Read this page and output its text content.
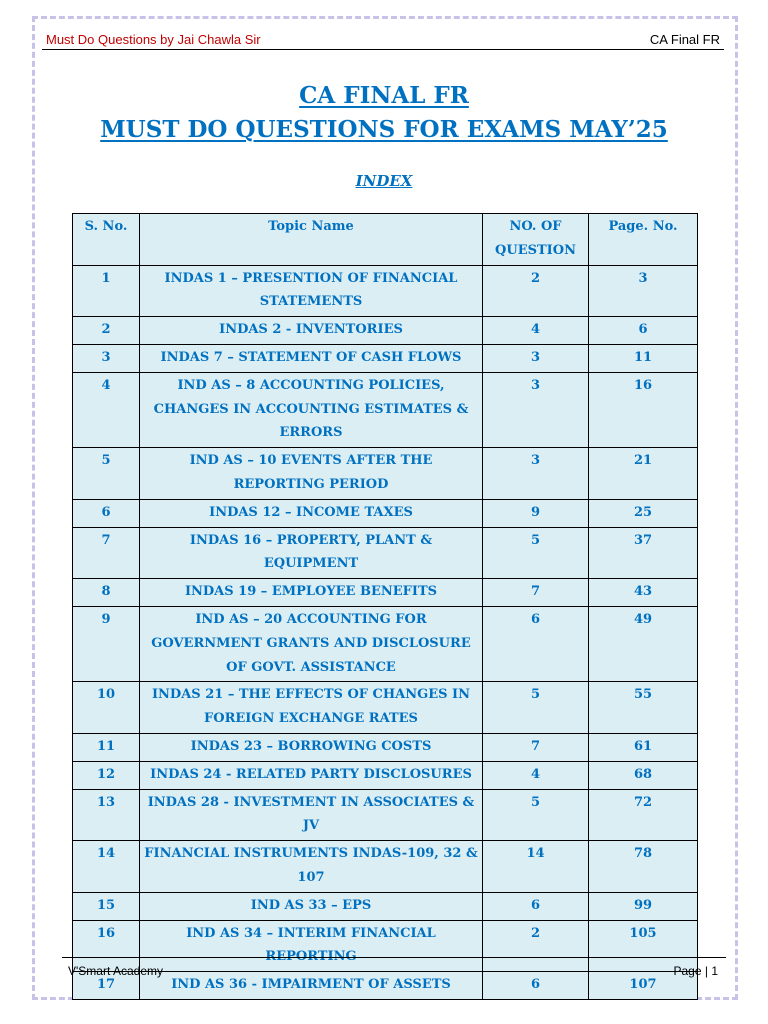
Must Do Questions by Jai Chawla Sir	CA Final FR
CA FINAL FR
MUST DO QUESTIONS FOR EXAMS MAY’25
INDEX
S. No.	Topic Name	NO. OF QUESTION	Page. No.
1	INDAS 1 – PRESENTION OF FINANCIAL STATEMENTS	2	3
2	INDAS 2 - INVENTORIES	4	6
3	INDAS 7 – STATEMENT OF CASH FLOWS	3	11
4	IND AS – 8 ACCOUNTING POLICIES, CHANGES IN ACCOUNTING ESTIMATES & ERRORS	3	16
5	IND AS – 10 EVENTS AFTER THE REPORTING PERIOD	3	21
6	INDAS 12 – INCOME TAXES	9	25
7	INDAS 16 – PROPERTY, PLANT & EQUIPMENT	5	37
8	INDAS 19 – EMPLOYEE BENEFITS	7	43
9	IND AS – 20 ACCOUNTING FOR GOVERNMENT GRANTS AND DISCLOSURE OF GOVT. ASSISTANCE	6	49
10	INDAS 21 – THE EFFECTS OF CHANGES IN FOREIGN EXCHANGE RATES	5	55
11	INDAS 23 – BORROWING COSTS	7	61
12	INDAS 24 - RELATED PARTY DISCLOSURES	4	68
13	INDAS 28 - INVESTMENT IN ASSOCIATES & JV	5	72
14	FINANCIAL INSTRUMENTS INDAS-109, 32 & 107	14	78
15	IND AS 33 – EPS	6	99
16	IND AS 34 – INTERIM FINANCIAL REPORTING	2	105
17	IND AS 36 - IMPAIRMENT OF ASSETS	6	107
V'Smart Academy	Page | 1
